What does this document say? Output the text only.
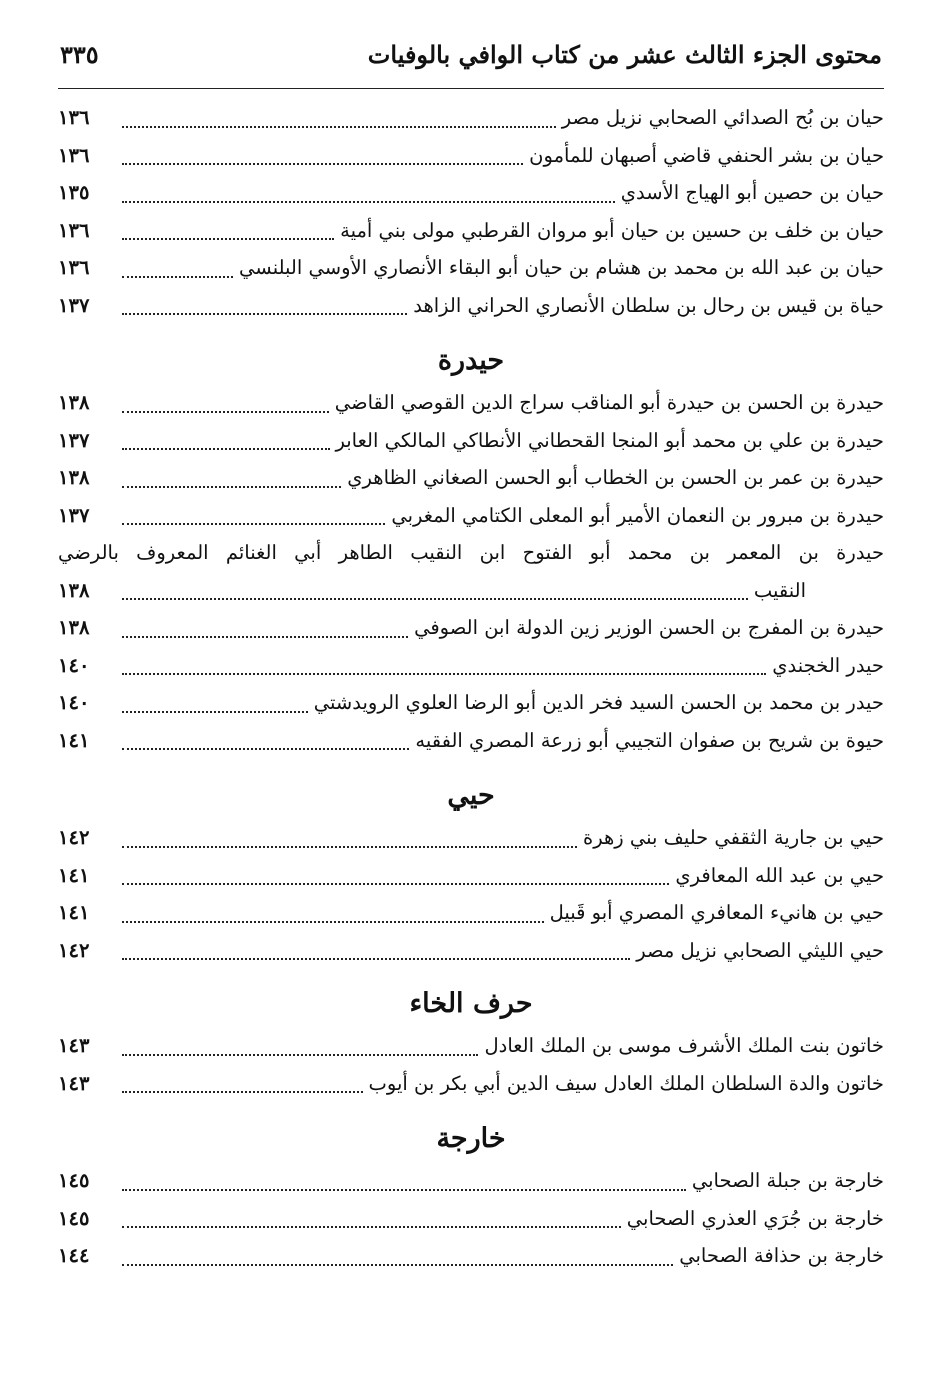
محتوى الجزء الثالث عشر من كتاب الوافي بالوفيات
٣٣٥
حيان بن بُح الصدائي الصحابي نزيل مصر
١٣٦
حيان بن بشر الحنفي قاضي أصبهان للمأمون
١٣٦
حيان بن حصين أبو الهياج الأسدي
١٣٥
حيان بن خلف بن حسين بن حيان أبو مروان القرطبي مولى بني أمية
١٣٦
حيان بن عبد الله بن محمد بن هشام بن حيان أبو البقاء الأنصاري الأوسي البلنسي
١٣٦
حياة بن قيس بن رحال بن سلطان الأنصاري الحراني الزاهد
١٣٧
حيدرة
حيدرة بن الحسن بن حيدرة أبو المناقب سراج الدين القوصي القاضي
١٣٨
حيدرة بن علي بن محمد أبو المنجا القحطاني الأنطاكي المالكي العابر
١٣٧
حيدرة بن عمر بن الحسن بن الخطاب أبو الحسن الصغاني الظاهري
١٣٨
حيدرة بن مبرور بن النعمان الأمير أبو المعلى الكتامي المغربي
١٣٧
حيدرة بن المعمر بن محمد أبو الفتوح ابن النقيب الطاهر أبي الغنائم المعروف بالرضي
النقيب
١٣٨
حيدرة بن المفرج بن الحسن الوزير زين الدولة ابن الصوفي
١٣٨
حيدر الخجندي
١٤٠
حيدر بن محمد بن الحسن السيد فخر الدين أبو الرضا العلوي الرويدشتي
١٤٠
حيوة بن شريح بن صفوان التجيبي أبو زرعة المصري الفقيه
١٤١
حيي
حيي بن جارية الثقفي حليف بني زهرة
١٤٢
حيي بن عبد الله المعافري
١٤١
حيي بن هانيء المعافري المصري أبو قَبيل
١٤١
حيي الليثي الصحابي نزيل مصر
١٤٢
حرف الخاء
خاتون بنت الملك الأشرف موسى بن الملك العادل
١٤٣
خاتون والدة السلطان الملك العادل سيف الدين أبي بكر بن أيوب
١٤٣
خارجة
خارجة بن جبلة الصحابي
١٤٥
خارجة بن جُرَي العذري الصحابي
١٤٥
خارجة بن حذافة الصحابي
١٤٤
